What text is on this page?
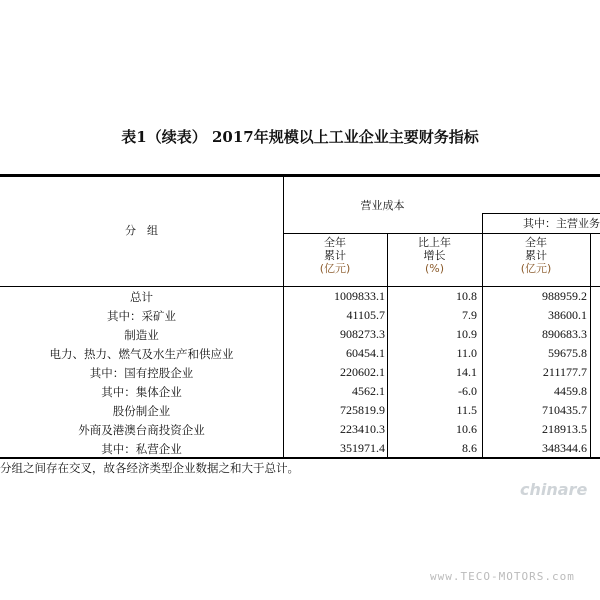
表1（续表） 2017年规模以上工业企业主要财务指标
分　组
营业成本
其中：主营业务
全年
累计
(亿元)
比上年
增长
(%)
全年
累计
(亿元)
总计	1009833.1	10.8	988959.2
其中：采矿业	41105.7	7.9	38600.1
制造业	908273.3	10.9	890683.3
电力、热力、燃气及水生产和供应业	60454.1	11.0	59675.8
其中：国有控股企业	220602.1	14.1	211177.7
其中：集体企业	4562.1	-6.0	4459.8
股份制企业	725819.9	11.5	710435.7
外商及港澳台商投资企业	223410.3	10.6	218913.5
其中：私营企业	351971.4	8.6	348344.6
分组之间存在交叉，故各经济类型企业数据之和大于总计。
chinare
www.TECO-MOTORS.com
